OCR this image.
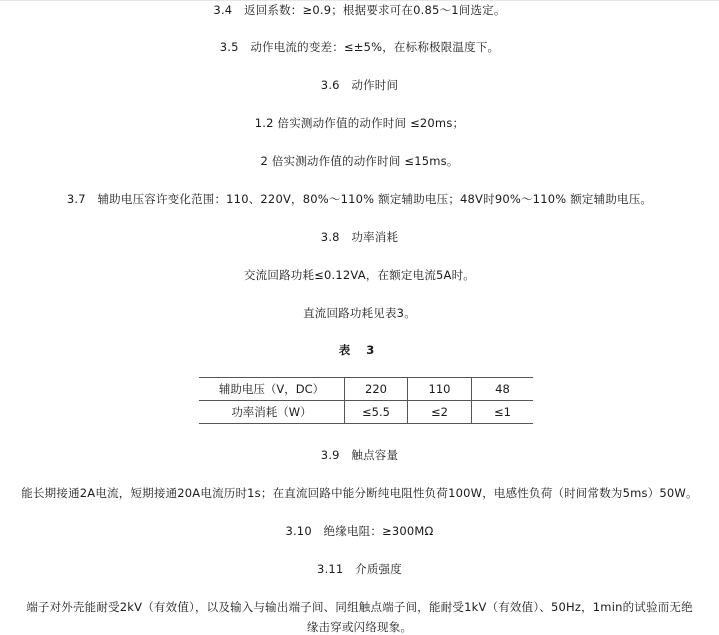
3.4　返回系数：≥0.9；根据要求可在0.85～1间选定。
3.5　动作电流的变差：≤±5%，在标称极限温度下。
3.6　动作时间
1.2 倍实测动作值的动作时间 ≤20ms；
2 倍实测动作值的动作时间 ≤15ms。
3.7　辅助电压容许变化范围：110、220V，80%～110% 额定辅助电压；48V时90%～110% 额定辅助电压。
3.8　功率消耗
交流回路功耗≤0.12VA，在额定电流5A时。
直流回路功耗见表3。
表 3
辅助电压（V，DC）	220	110	48
功率消耗（W）	≤5.5	≤2	≤1
3.9　触点容量
能长期接通2A电流，短期接通20A电流历时1s；在直流回路中能分断纯电阻性负荷100W，电感性负荷（时间常数为5ms）50W。
3.10　绝缘电阻：≥300MΩ
3.11　介质强度
端子对外壳能耐受2kV（有效值），以及输入与输出端子间、同组触点端子间，能耐受1kV（有效值）、50Hz，1min的试验而无绝
缘击穿或闪络现象。
